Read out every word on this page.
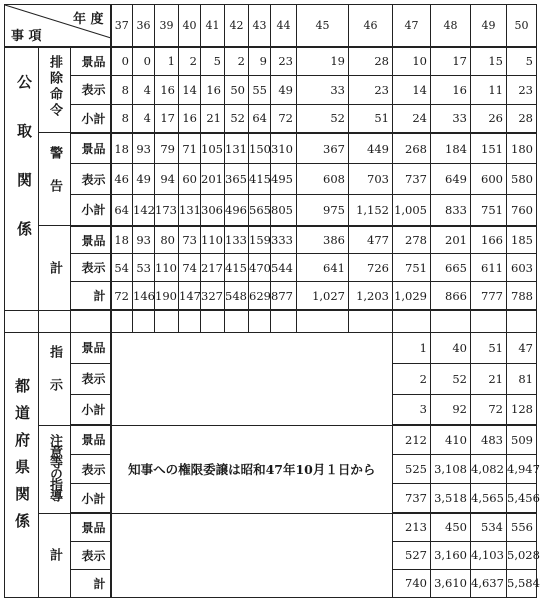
年 度
事 項			37	36	39	40	41	42	43	44	45	46	47	48	49	50
公取関係	排除命令	景品	0	0	1	2	5	2	9	23	19	28	10	17	15	5
		表示	8	4	16	14	16	50	55	49	33	23	14	16	11	23
		小計	8	4	17	16	21	52	64	72	52	51	24	33	26	28
	警告	景品	18	93	79	71	105	131	150	310	367	449	268	184	151	180
		表示	46	49	94	60	201	365	415	495	608	703	737	649	600	580
		小計	64	142	173	131	306	496	565	805	975	1,152	1,005	833	751	760
	計	景品	18	93	80	73	110	133	159	333	386	477	278	201	166	185
		表示	54	53	110	74	217	415	470	544	641	726	751	665	611	603
		計	72	146	190	147	327	548	629	877	1,027	1,203	1,029	866	777	788

都道府県関係	指示	景品											1	40	51	47
		表示											2	52	21	81
		小計											3	92	72	128
	注意等の指導	景品	知事への権限委譲は昭和47年10月１日から										212	410	483	509
		表示											525	3,108	4,082	4,947
		小計											737	3,518	4,565	5,456
	計	景品											213	450	534	556
		表示											527	3,160	4,103	5,028
		計											740	3,610	4,637	5,584
